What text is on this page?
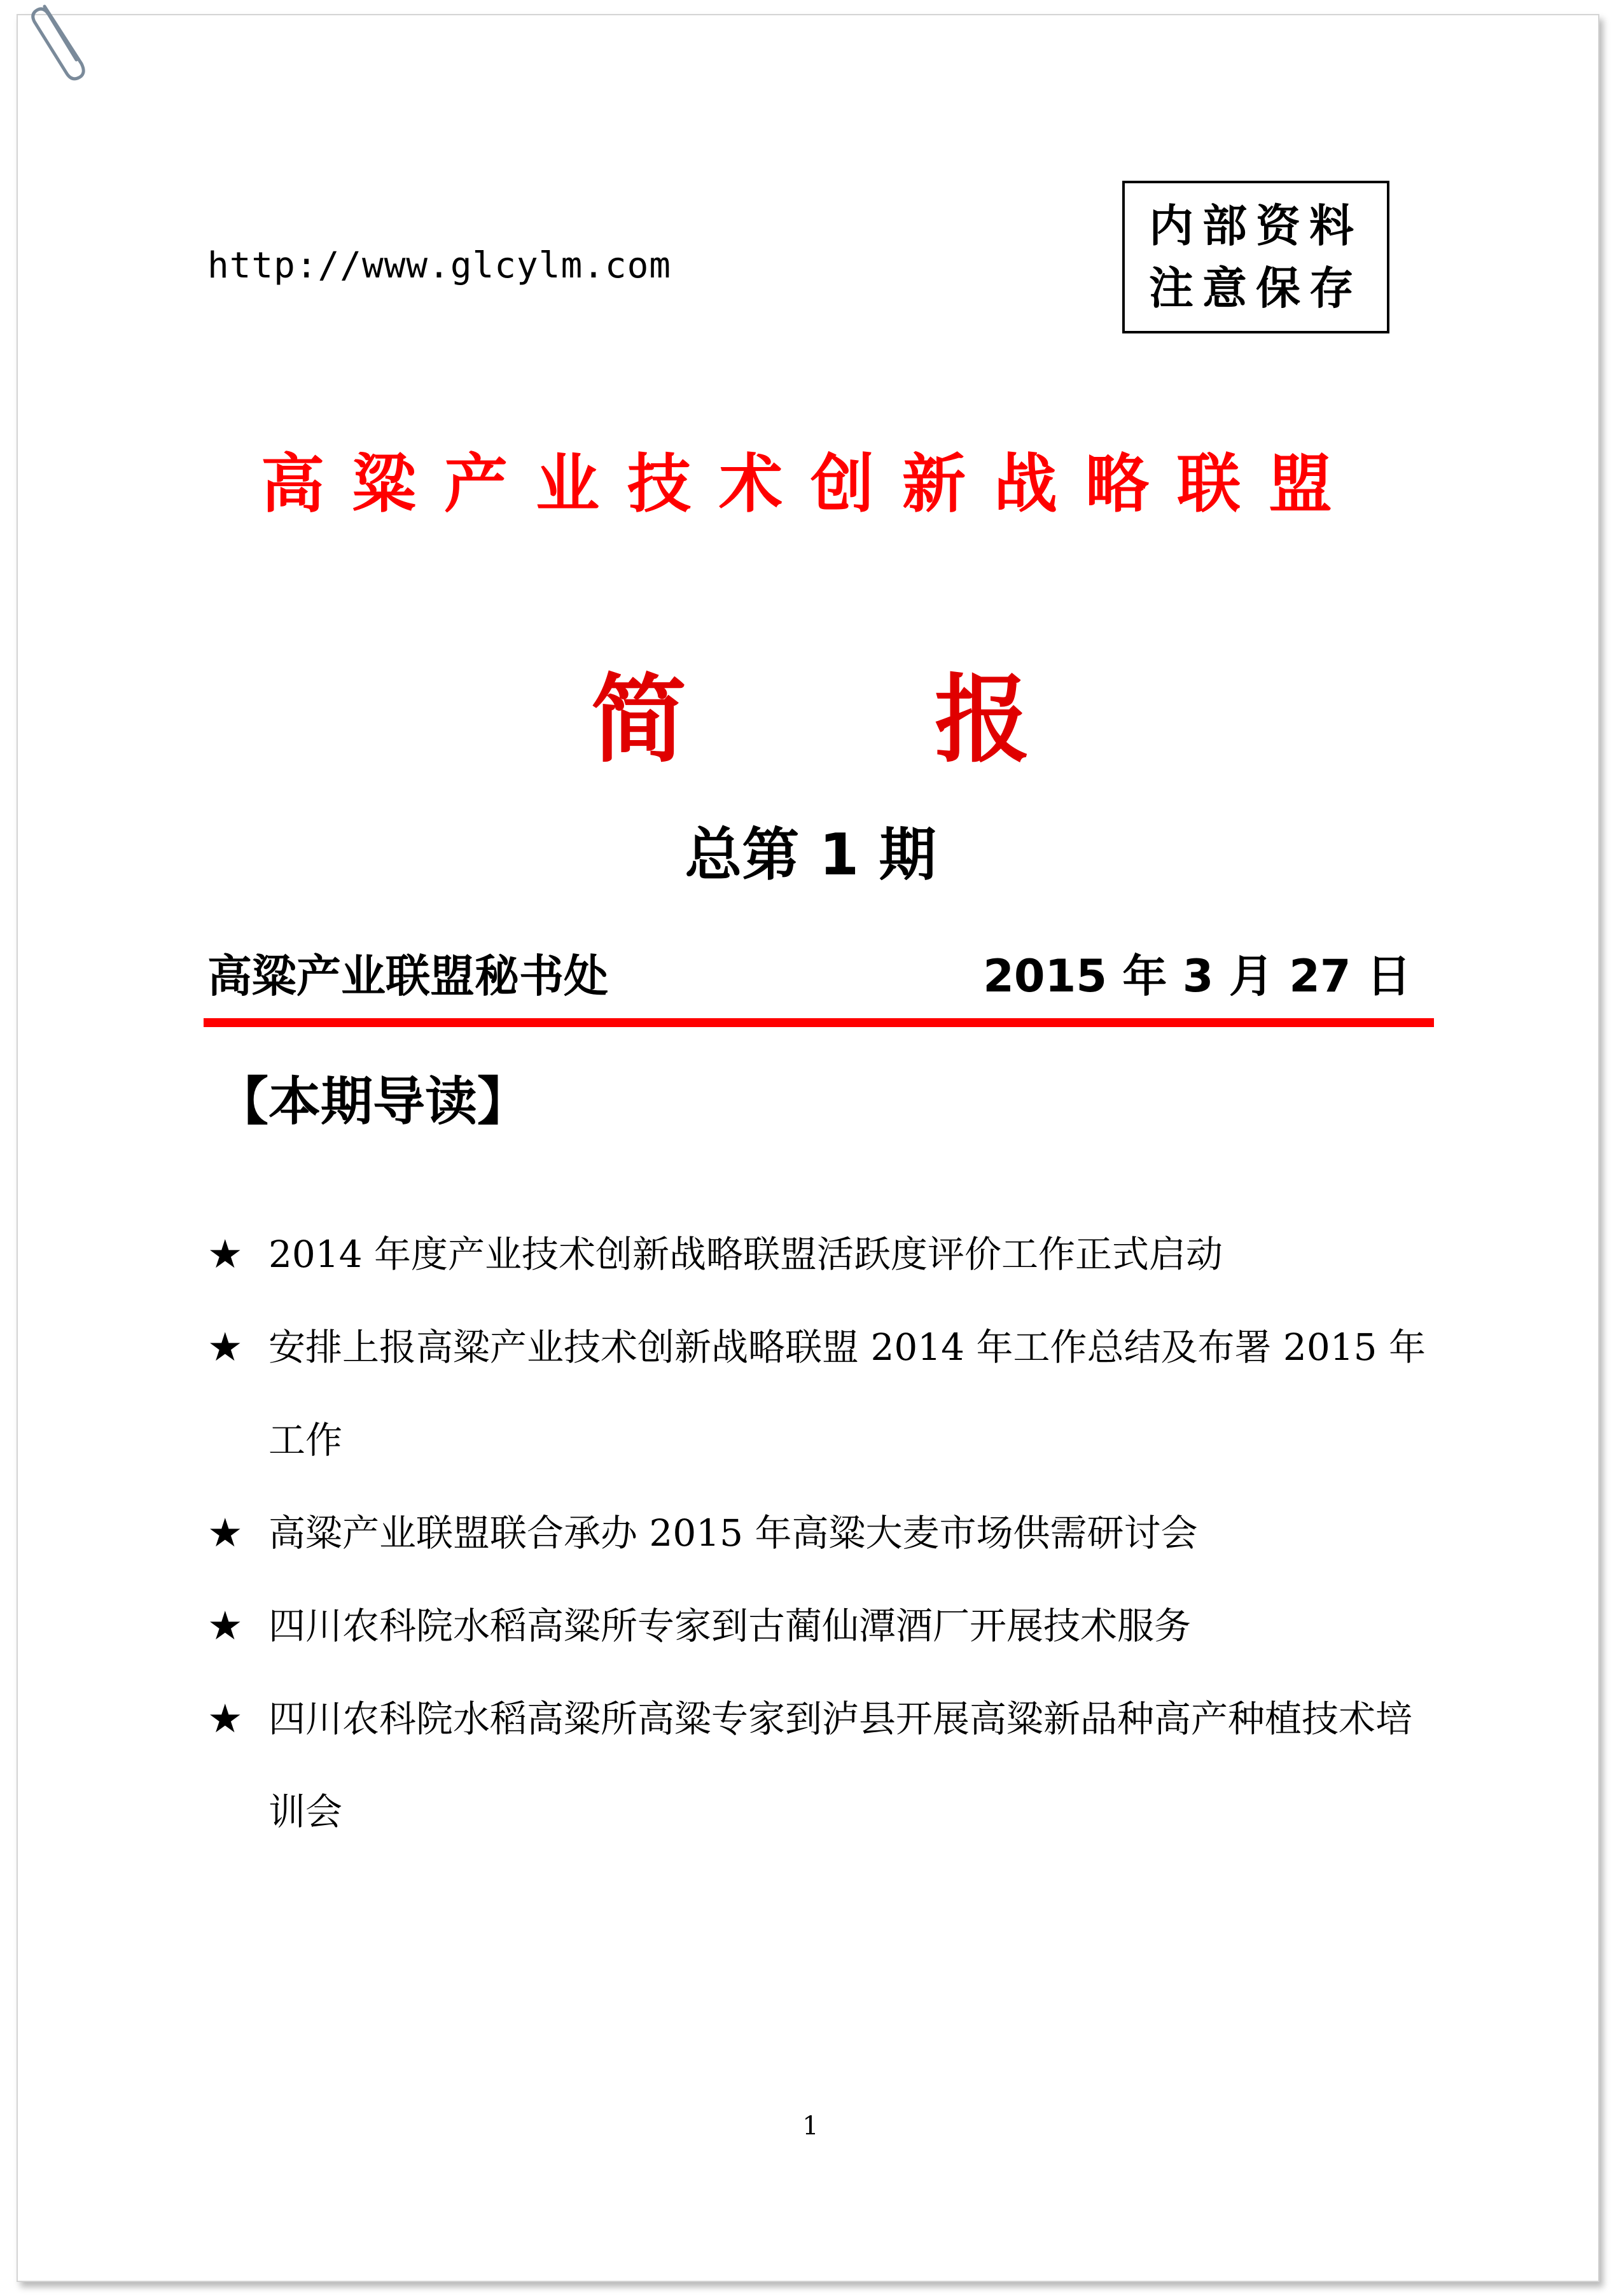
http://www.glcylm.com
内部资料
注意保存
高粱产业技术创新战略联盟
简	报
总第 1 期
高粱产业联盟秘书处	2015 年 3 月 27 日
【本期导读】
★ 2014 年度产业技术创新战略联盟活跃度评价工作正式启动
★ 安排上报高粱产业技术创新战略联盟 2014 年工作总结及布署 2015 年工作
★ 高粱产业联盟联合承办 2015 年高粱大麦市场供需研讨会
★ 四川农科院水稻高粱所专家到古蔺仙潭酒厂开展技术服务
★ 四川农科院水稻高粱所高粱专家到泸县开展高粱新品种高产种植技术培训会
1
